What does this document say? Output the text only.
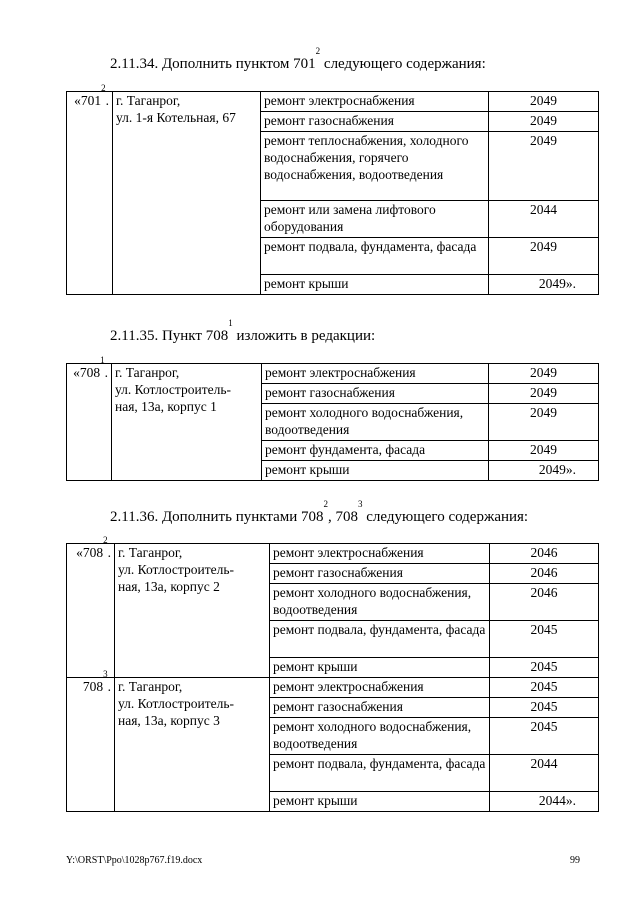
2.11.34. Дополнить пунктом $701^2$ следующего содержания:
«$701^2$.	г. Таганрог,
ул. 1-я Котельная, 67	ремонт электроснабжения	2049
		ремонт газоснабжения	2049
		ремонт теплоснабжения, холодного водоснабжения, горячего водоснабжения, водоотведения	2049
		ремонт или замена лифтового оборудования	2044
		ремонт подвала, фундамента, фасада	2049
		ремонт крыши	2049».
2.11.35. Пункт $708^1$ изложить в редакции:
«$708^1$.	г. Таганрог,
ул. Котлостроитель-
ная, 13а, корпус 1	ремонт электроснабжения	2049
		ремонт газоснабжения	2049
		ремонт холодного водоснабжения, водоотведения	2049
		ремонт фундамента, фасада	2049
		ремонт крыши	2049».
2.11.36. Дополнить пунктами $708^2$, $708^3$ следующего содержания:
«$708^2$.	г. Таганрог,
ул. Котлостроитель-
ная, 13а, корпус 2	ремонт электроснабжения	2046
		ремонт газоснабжения	2046
		ремонт холодного водоснабжения, водоотведения	2046
		ремонт подвала, фундамента, фасада	2045
		ремонт крыши	2045
$708^3$.	г. Таганрог,
ул. Котлостроитель-
ная, 13а, корпус 3	ремонт электроснабжения	2045
		ремонт газоснабжения	2045
		ремонт холодного водоснабжения, водоотведения	2045
		ремонт подвала, фундамента, фасада	2044
		ремонт крыши	2044».
Y:\ORST\Ppo\1028p767.f19.docx	99
